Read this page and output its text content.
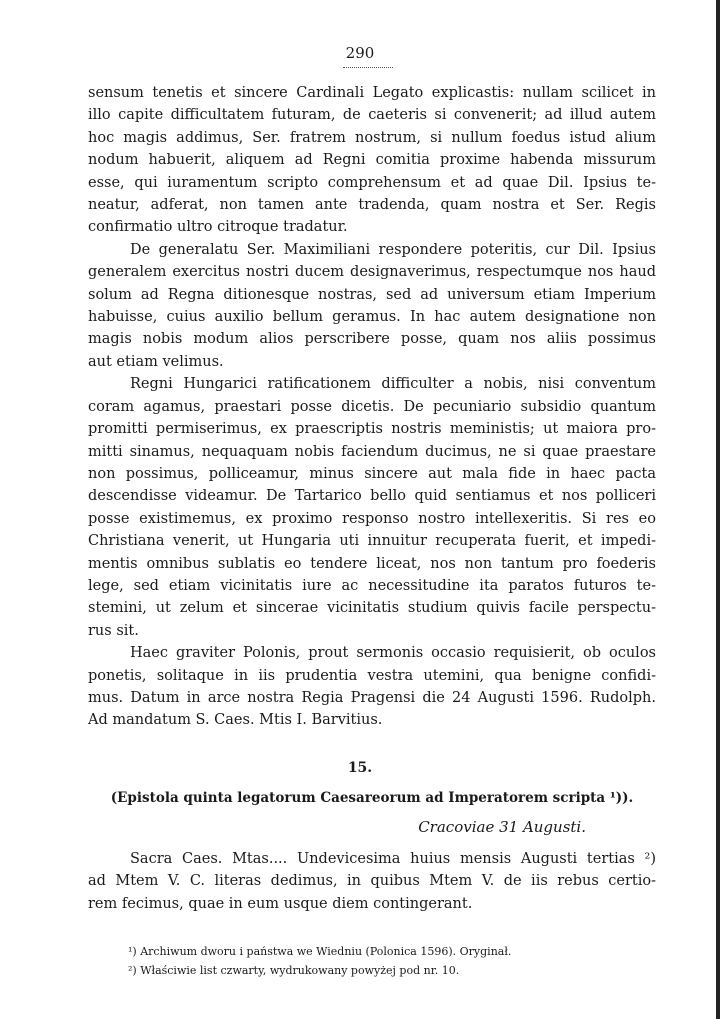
290
sensum tenetis et sincere Cardinali Legato explicastis: nullam scilicet in
illo capite difficultatem futuram, de caeteris si convenerit; ad illud autem
hoc magis addimus, Ser. fratrem nostrum, si nullum foedus istud alium
nodum habuerit, aliquem ad Regni comitia proxime habenda missurum
esse, qui iuramentum scripto comprehensum et ad quae Dil. Ipsius te-
neatur, adferat, non tamen ante tradenda, quam nostra et Ser. Regis
confirmatio ultro citroque tradatur.
De generalatu Ser. Maximiliani respondere poteritis, cur Dil. Ipsius
generalem exercitus nostri ducem designaverimus, respectumque nos haud
solum ad Regna ditionesque nostras, sed ad universum etiam Imperium
habuisse, cuius auxilio bellum geramus. In hac autem designatione non
magis nobis modum alios perscribere posse, quam nos aliis possimus
aut etiam velimus.
Regni Hungarici ratificationem difficulter a nobis, nisi conventum
coram agamus, praestari posse dicetis. De pecuniario subsidio quantum
promitti permiserimus, ex praescriptis nostris meministis; ut maiora pro-
mitti sinamus, nequaquam nobis faciendum ducimus, ne si quae praestare
non possimus, polliceamur, minus sincere aut mala fide in haec pacta
descendisse videamur. De Tartarico bello quid sentiamus et nos polliceri
posse existimemus, ex proximo responso nostro intellexeritis. Si res eo
Christiana venerit, ut Hungaria uti innuitur recuperata fuerit, et impedi-
mentis omnibus sublatis eo tendere liceat, nos non tantum pro foederis
lege, sed etiam vicinitatis iure ac necessitudine ita paratos futuros te-
stemini, ut zelum et sincerae vicinitatis studium quivis facile perspectu-
rus sit.
Haec graviter Polonis, prout sermonis occasio requisierit, ob oculos
ponetis, solitaque in iis prudentia vestra utemini, qua benigne confidi-
mus. Datum in arce nostra Regia Pragensi die 24 Augusti 1596. Rudolph.
Ad mandatum S. Caes. Mtis I. Barvitius.
15.
(Epistola quinta legatorum Caesareorum ad Imperatorem scripta ¹)).
Cracoviae 31 Augusti.
Sacra Caes. Mtas.... Undevicesima huius mensis Augusti tertias ²)
ad Mtem V. C. literas dedimus, in quibus Mtem V. de iis rebus certio-
rem fecimus, quae in eum usque diem contingerant.
¹) Archiwum dworu i państwa we Wiedniu (Polonica 1596). Oryginał.
²) Właściwie list czwarty, wydrukowany powyżej pod nr. 10.
